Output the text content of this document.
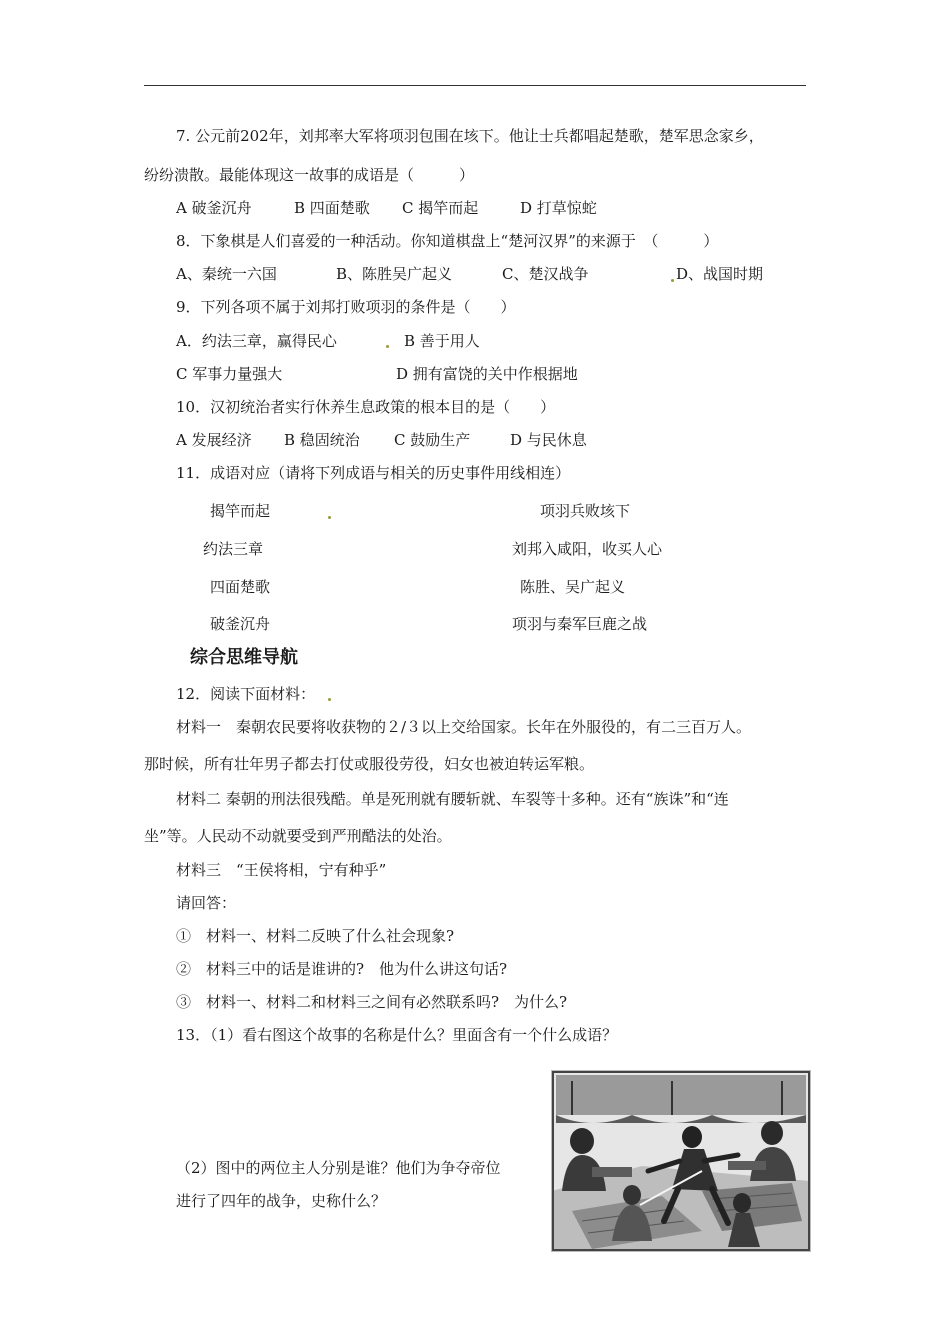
7. 公元前202年，刘邦率大军将项羽包围在垓下。他让士兵都唱起楚歌，楚军思念家乡，
纷纷溃散。最能体现这一故事的成语是（　　　）
A 破釜沉舟	B 四面楚歌 C 揭竿而起	D 打草惊蛇
8．下象棋是人们喜爱的一种活动。你知道棋盘上“楚河汉界”的来源于　（　　　）
A、秦统一六国	B、陈胜吴广起义	C、楚汉战争	D、战国时期
9．下列各项不属于刘邦打败项羽的条件是（　　）
A．约法三章，赢得民心	B 善于用人
C 军事力量强大	D 拥有富饶的关中作根据地
10．汉初统治者实行休养生息政策的根本目的是（　　）
A 发展经济 B 稳固统治 C 鼓励生产	D 与民休息
11．成语对应（请将下列成语与相关的历史事件用线相连）
揭竿而起	项羽兵败垓下
约法三章	刘邦入咸阳，收买人心
四面楚歌	陈胜、吴广起义
破釜沉舟	项羽与秦军巨鹿之战
综合思维导航
12．阅读下面材料：
材料一　秦朝农民要将收获物的２/３以上交给国家。长年在外服役的，有二三百万人。
那时候，所有壮年男子都去打仗或服役劳役，妇女也被迫转运军粮。
材料二 秦朝的刑法很残酷。单是死刑就有腰斩就、车裂等十多种。还有“族诛”和“连
坐”等。人民动不动就要受到严刑酷法的处治。
材料三　“王侯将相，宁有种乎”
请回答：
①　材料一、材料二反映了什么社会现象?
②　材料三中的话是谁讲的?　他为什么讲这句话?
③　材料一、材料二和材料三之间有必然联系吗?　为什么?
13．（1）看右图这个故事的名称是什么？里面含有一个什么成语？
（2）图中的两位主人分别是谁？他们为争夺帝位
进行了四年的战争，史称什么？
